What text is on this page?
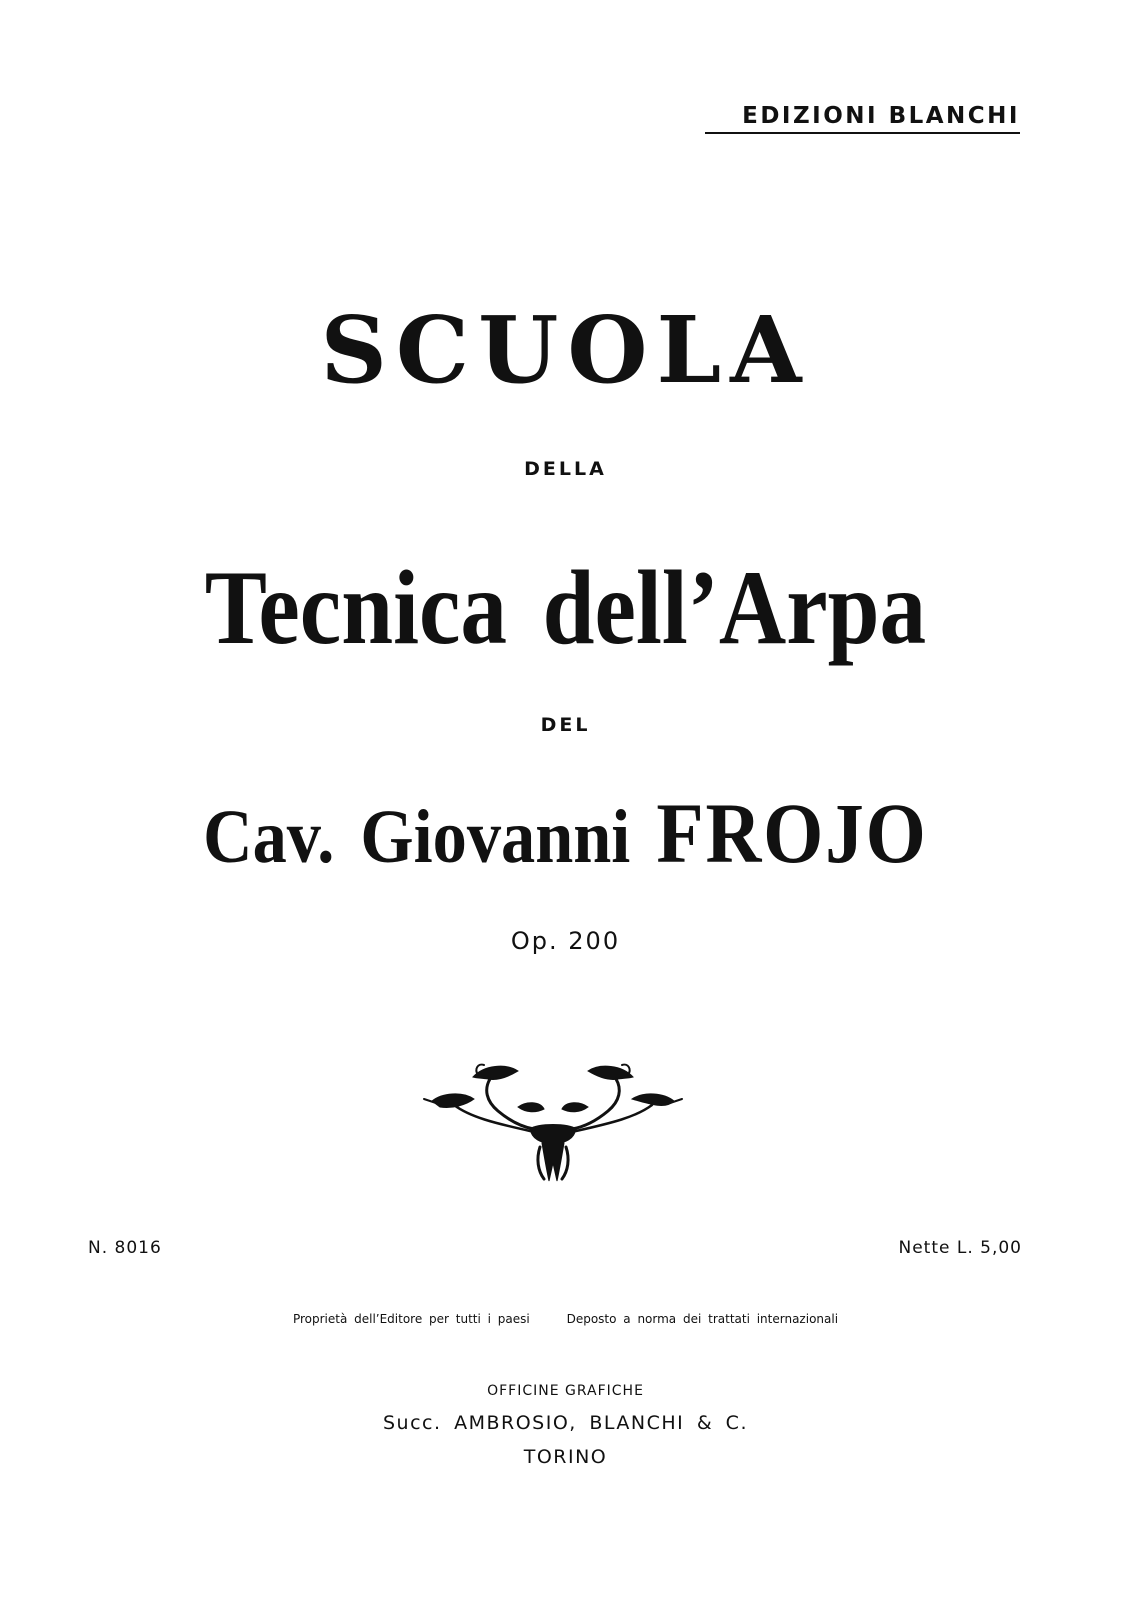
EDIZIONI BLANCHI
SCUOLA
DELLA
Tecnica dell’Arpa
DEL
Cav. Giovanni FROJO
Op. 200
N. 8016	Nette L. 5,00
Proprietà dell’Editore per tutti i paesi	Deposto a norma dei trattati internazionali
OFFICINE GRAFICHE
Succ. AMBROSIO, BLANCHI & C.
TORINO
